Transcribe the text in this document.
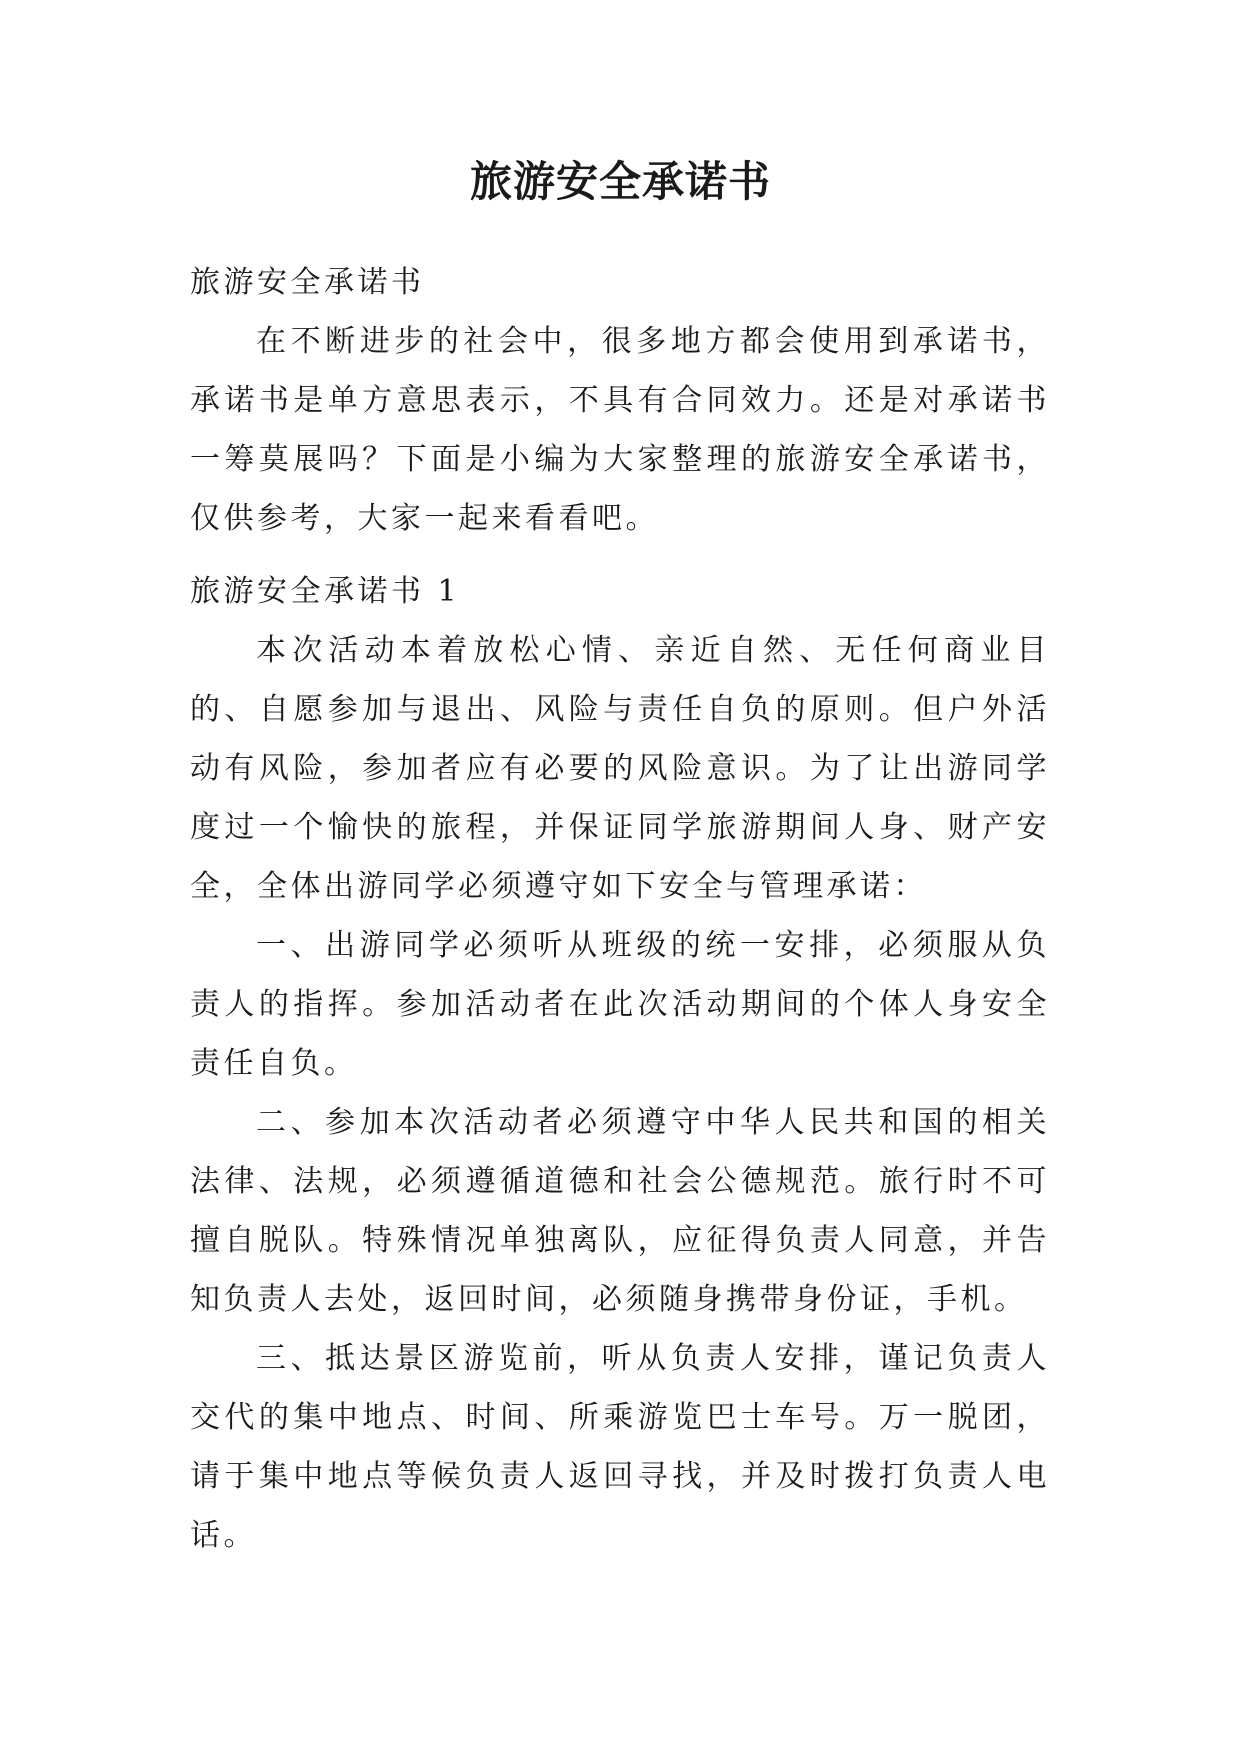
旅游安全承诺书

旅游安全承诺书

在不断进步的社会中，很多地方都会使用到承诺书，承诺书是单方意思表示，不具有合同效力。还是对承诺书一筹莫展吗？下面是小编为大家整理的旅游安全承诺书，仅供参考，大家一起来看看吧。

旅游安全承诺书 1

本次活动本着放松心情、亲近自然、无任何商业目的、自愿参加与退出、风险与责任自负的原则。但户外活动有风险，参加者应有必要的风险意识。为了让出游同学度过一个愉快的旅程，并保证同学旅游期间人身、财产安全，全体出游同学必须遵守如下安全与管理承诺：

一、出游同学必须听从班级的统一安排，必须服从负责人的指挥。参加活动者在此次活动期间的个体人身安全责任自负。

二、参加本次活动者必须遵守中华人民共和国的相关法律、法规，必须遵循道德和社会公德规范。旅行时不可擅自脱队。特殊情况单独离队，应征得负责人同意，并告知负责人去处，返回时间，必须随身携带身份证，手机。

三、抵达景区游览前，听从负责人安排，谨记负责人交代的集中地点、时间、所乘游览巴士车号。万一脱团，请于集中地点等候负责人返回寻找，并及时拨打负责人电话。
